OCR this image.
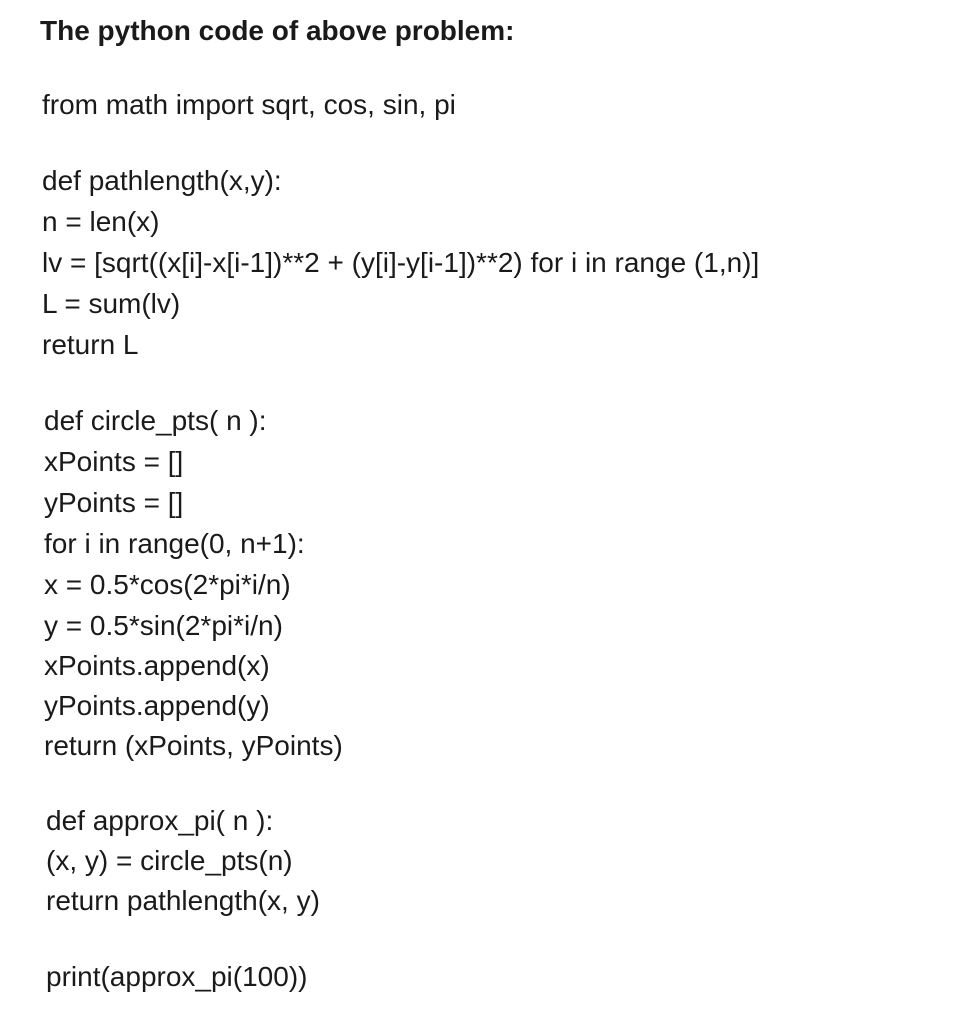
The python code of above problem:
from math import sqrt, cos, sin, pi
def pathlength(x,y):
n = len(x)
lv = [sqrt((x[i]-x[i-1])**2 + (y[i]-y[i-1])**2) for i in range (1,n)]
L = sum(lv)
return L
def circle_pts( n ):
xPoints = []
yPoints = []
for i in range(0, n+1):
x = 0.5*cos(2*pi*i/n)
y = 0.5*sin(2*pi*i/n)
xPoints.append(x)
yPoints.append(y)
return (xPoints, yPoints)
def approx_pi( n ):
(x, y) = circle_pts(n)
return pathlength(x, y)
print(approx_pi(100))
